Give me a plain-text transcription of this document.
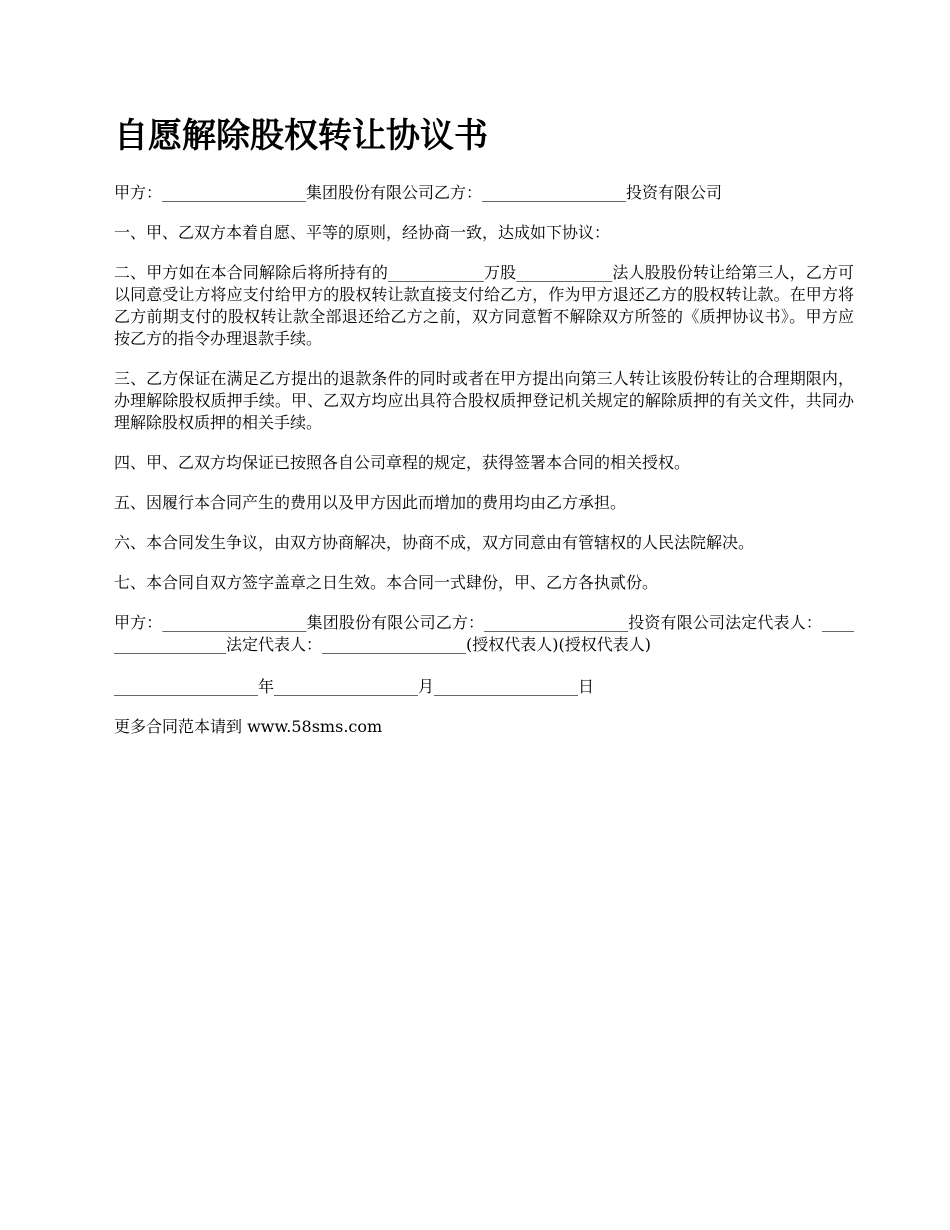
自愿解除股权转让协议书

甲方：__________________集团股份有限公司乙方：__________________投资有限公司

一、甲、乙双方本着自愿、平等的原则，经协商一致，达成如下协议：

二、甲方如在本合同解除后将所持有的____________万股____________法人股股份转让给第三人，乙方可以同意受让方将应支付给甲方的股权转让款直接支付给乙方，作为甲方退还乙方的股权转让款。在甲方将乙方前期支付的股权转让款全部退还给乙方之前，双方同意暂不解除双方所签的《质押协议书》。甲方应按乙方的指令办理退款手续。

三、乙方保证在满足乙方提出的退款条件的同时或者在甲方提出向第三人转让该股份转让的合理期限内，办理解除股权质押手续。甲、乙双方均应出具符合股权质押登记机关规定的解除质押的有关文件，共同办理解除股权质押的相关手续。

四、甲、乙双方均保证已按照各自公司章程的规定，获得签署本合同的相关授权。

五、因履行本合同产生的费用以及甲方因此而增加的费用均由乙方承担。

六、本合同发生争议，由双方协商解决，协商不成，双方同意由有管辖权的人民法院解决。

七、本合同自双方签字盖章之日生效。本合同一式肆份，甲、乙方各执贰份。

甲方：__________________集团股份有限公司乙方：__________________投资有限公司法定代表人：__________________法定代表人：__________________(授权代表人)(授权代表人)

__________________年__________________月__________________日

更多合同范本请到 www.58sms.com
